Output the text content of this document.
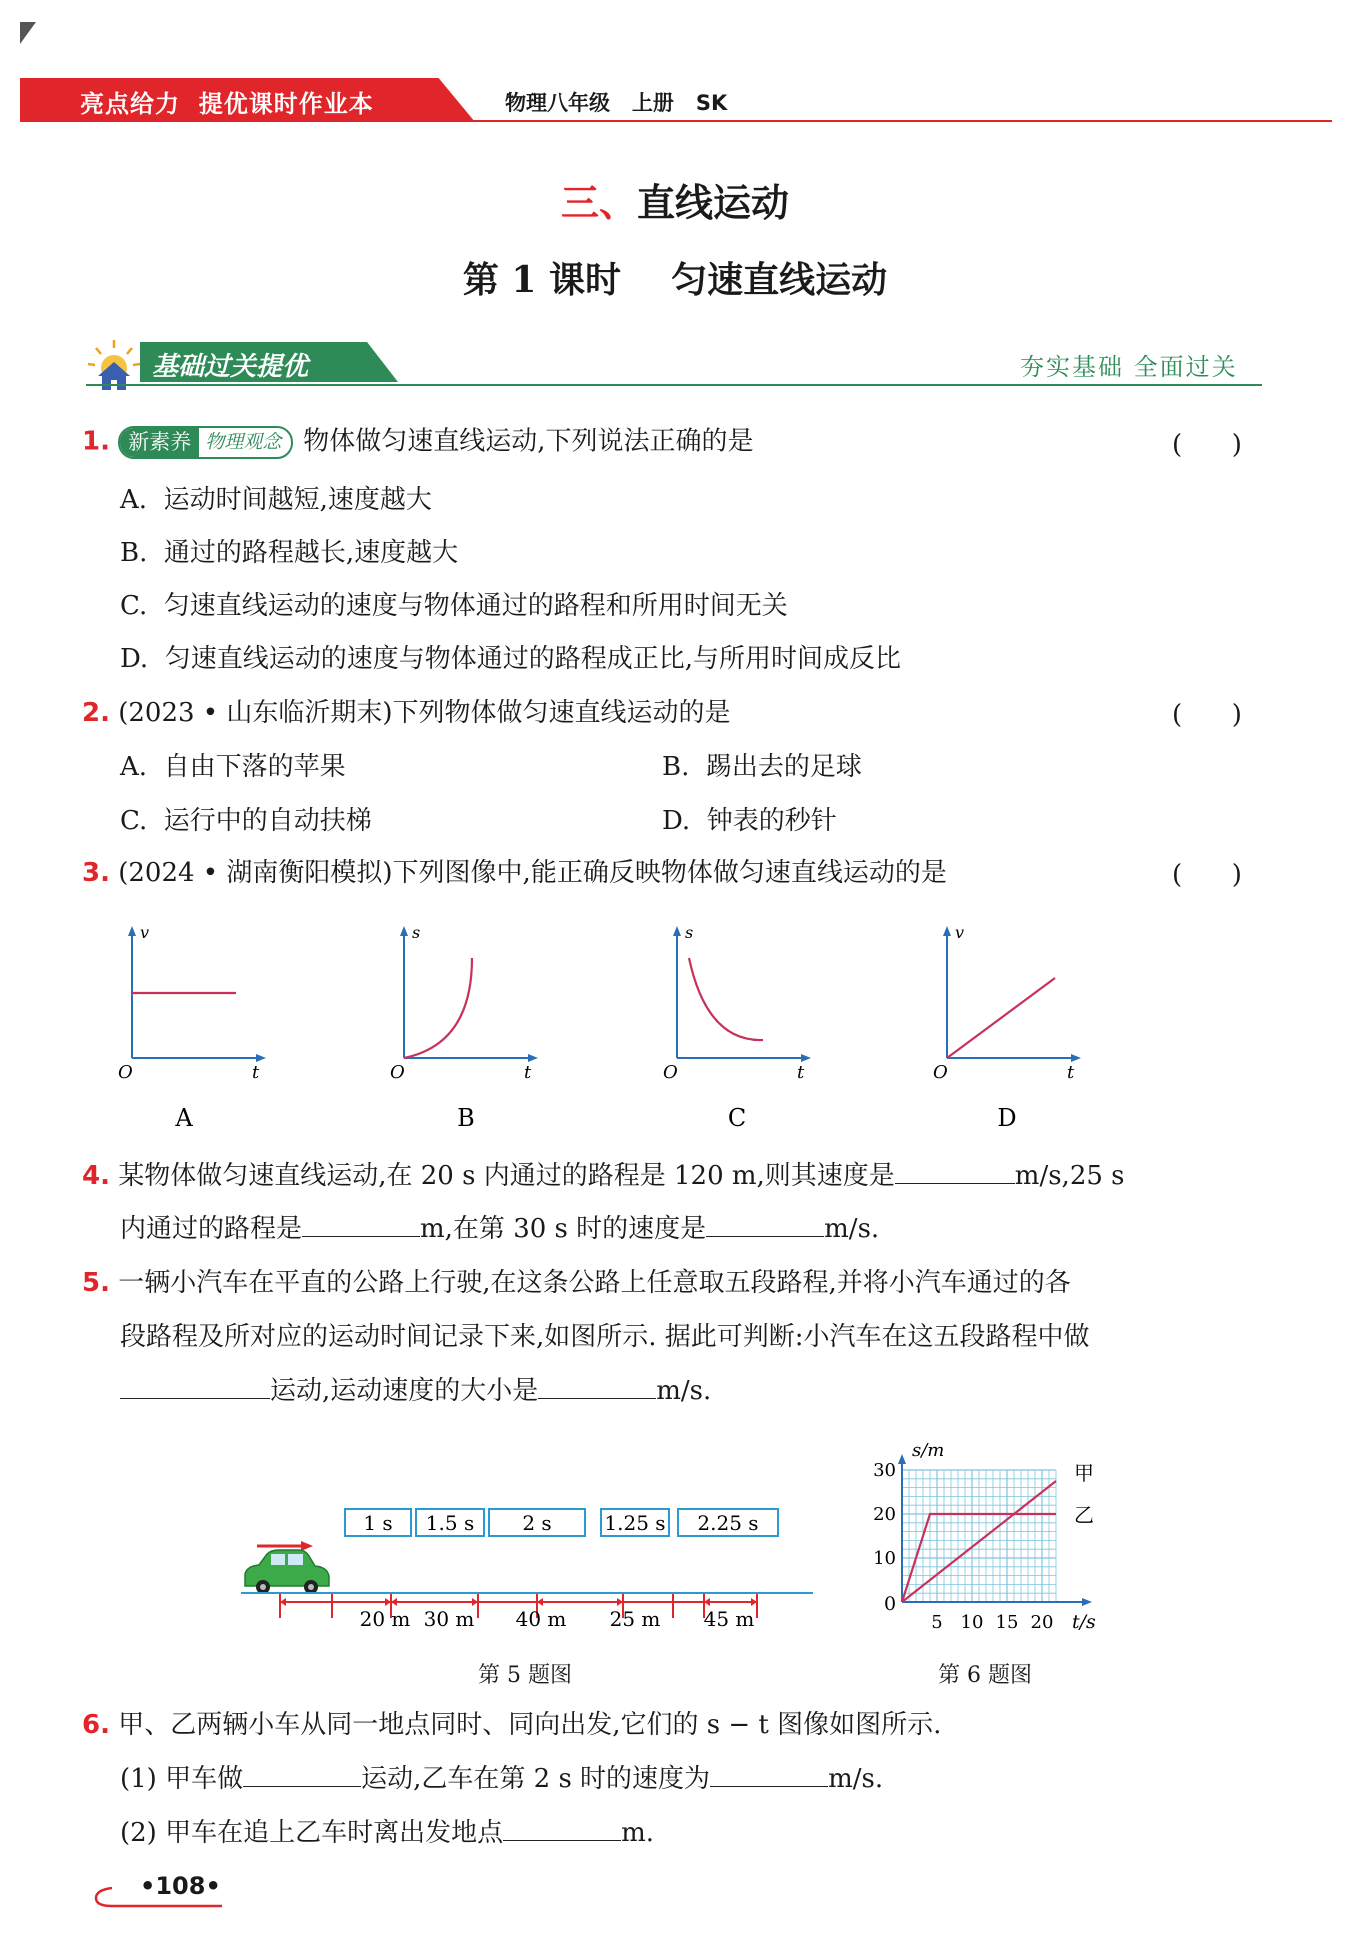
亮点给力  提优课时作业本	物理八年级   上册   SK
三、直线运动
第 1 课时    匀速直线运动
基础过关提优	夯实基础 全面过关
1. 新素养 物理观念 物体做匀速直线运动,下列说法正确的是	(      )
A.  运动时间越短,速度越大
B.  通过的路程越长,速度越大
C.  匀速直线运动的速度与物体通过的路程和所用时间无关
D.  匀速直线运动的速度与物体通过的路程成正比,与所用时间成反比
2. (2023 • 山东临沂期末)下列物体做匀速直线运动的是	(      )
A.  自由下落的苹果	B.  踢出去的足球
C.  运行中的自动扶梯	D.  钟表的秒针
3. (2024 • 湖南衡阳模拟)下列图像中,能正确反映物体做匀速直线运动的是	(      )
v
O	t
A
s
O	t
B
s
O	t
C
v
O	t
D
4. 某物体做匀速直线运动,在 20 s 内通过的路程是 120 m,则其速度是	m/s,25 s
内通过的路程是	m,在第 30 s 时的速度是	m/s.
5. 一辆小汽车在平直的公路上行驶,在这条公路上任意取五段路程,并将小汽车通过的各
段路程及所对应的运动时间记录下来,如图所示. 据此可判断:小汽车在这五段路程中做
运动,运动速度的大小是	m/s.
1 s 1.5 s 2 s	1.25 s 2.25 s
20 m 30 m 40 m 25 m 45 m
第 5 题图
s/m
0
5 10 15 20
10
20
30
t/s
甲
乙
第 6 题图
6. 甲、乙两辆小车从同一地点同时、同向出发,它们的 s − t 图像如图所示.
(1) 甲车做	运动,乙车在第 2 s 时的速度为	m/s.
(2) 甲车在追上乙车时离出发地点	m.
•108•
